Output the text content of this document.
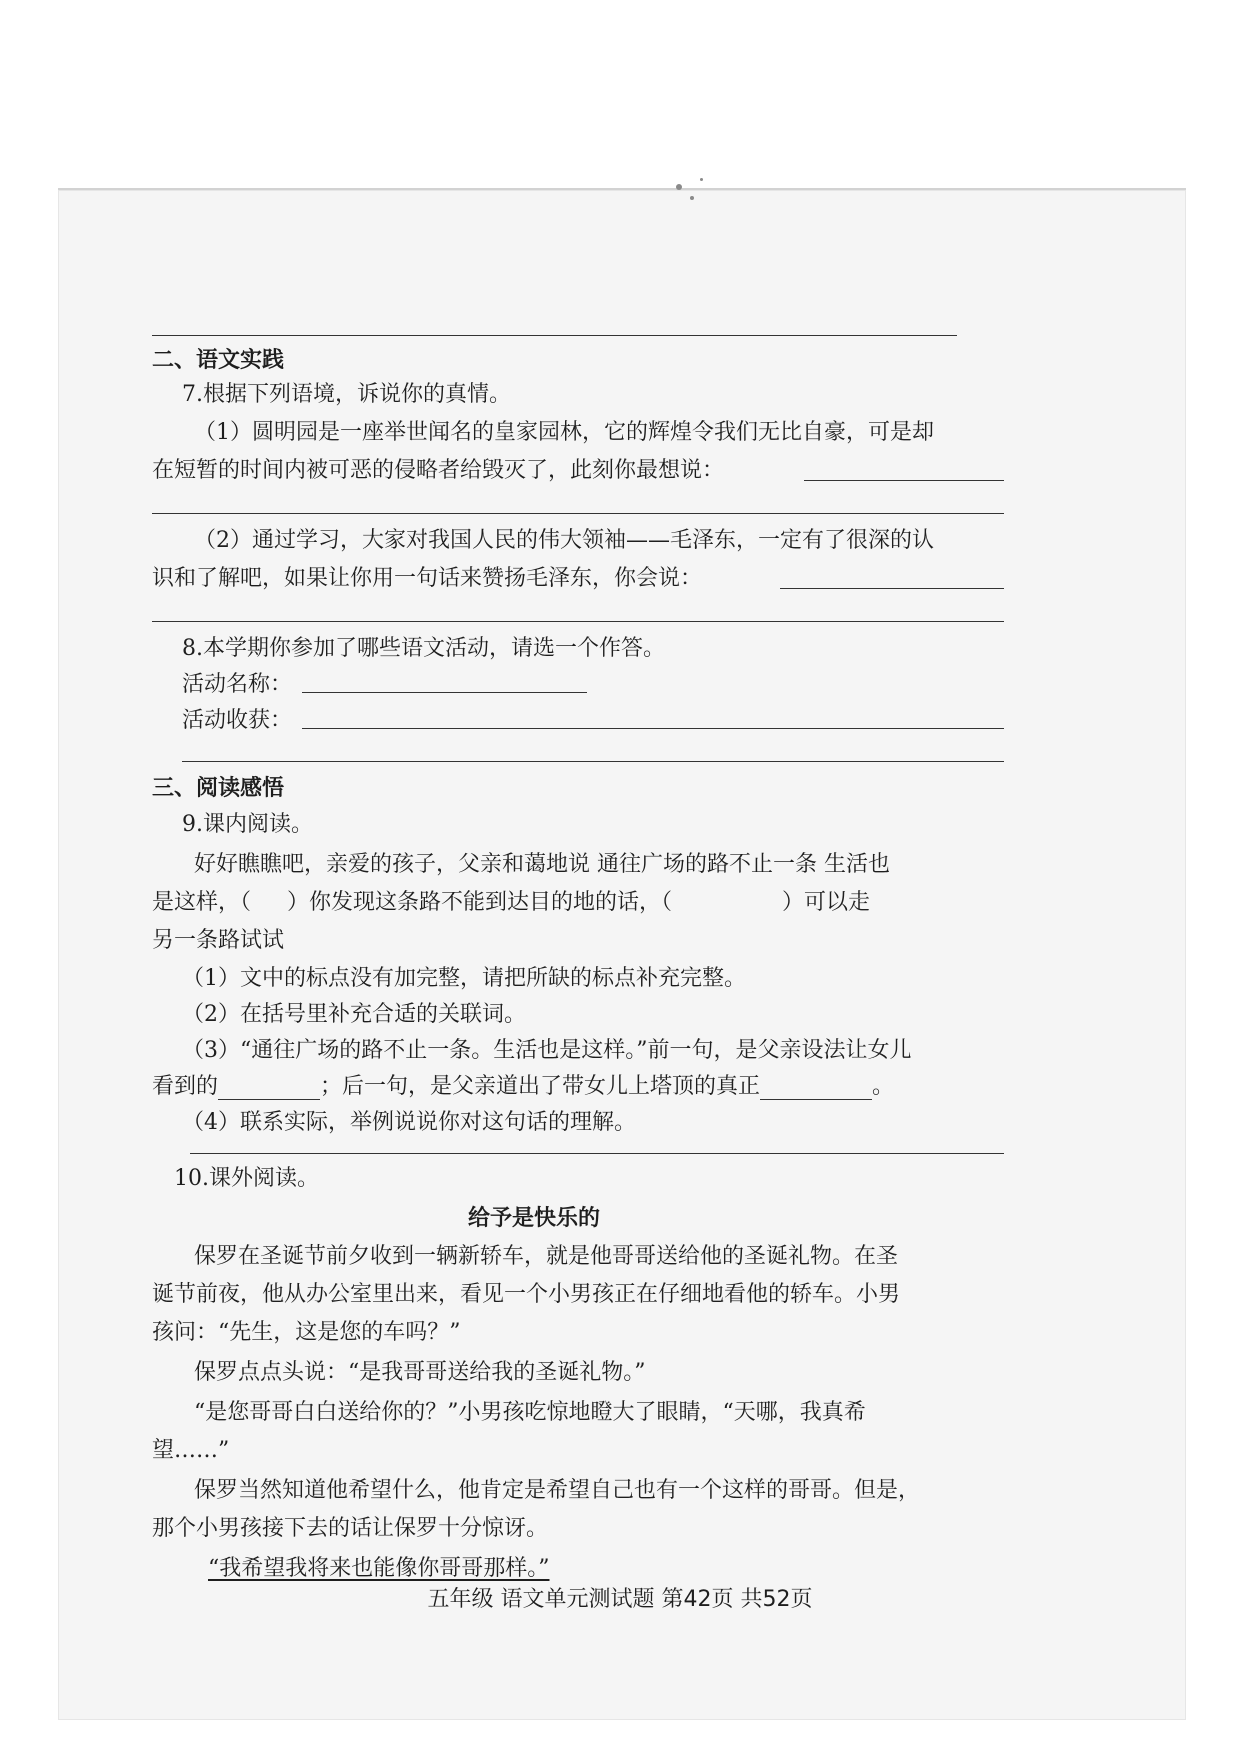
二、语文实践
7.根据下列语境，诉说你的真情。
（1）圆明园是一座举世闻名的皇家园林，它的辉煌令我们无比自豪，可是却
在短暂的时间内被可恶的侵略者给毁灭了，此刻你最想说：
（2）通过学习，大家对我国人民的伟大领袖——毛泽东，一定有了很深的认
识和了解吧，如果让你用一句话来赞扬毛泽东，你会说：
8.本学期你参加了哪些语文活动，请选一个作答。
活动名称：
活动收获：
三、阅读感悟
9.课内阅读。
好好瞧瞧吧，亲爱的孩子，父亲和蔼地说 通往广场的路不止一条 生活也
是这样，（ ）你发现这条路不能到达目的地的话，（	）可以走
另一条路试试
（1）文中的标点没有加完整，请把所缺的标点补充完整。
（2）在括号里补充合适的关联词。
（3）“通往广场的路不止一条。生活也是这样。”前一句，是父亲设法让女儿
看到的	；后一句，是父亲道出了带女儿上塔顶的真正	。
（4）联系实际，举例说说你对这句话的理解。
10.课外阅读。
给予是快乐的
保罗在圣诞节前夕收到一辆新轿车，就是他哥哥送给他的圣诞礼物。在圣
诞节前夜，他从办公室里出来，看见一个小男孩正在仔细地看他的轿车。小男
孩问：“先生，这是您的车吗？”
保罗点点头说：“是我哥哥送给我的圣诞礼物。”
“是您哥哥白白送给你的？”小男孩吃惊地瞪大了眼睛，“天哪，我真希
望……”
保罗当然知道他希望什么，他肯定是希望自己也有一个这样的哥哥。但是，
那个小男孩接下去的话让保罗十分惊讶。
“我希望我将来也能像你哥哥那样。”
五年级 语文单元测试题 第42页 共52页
